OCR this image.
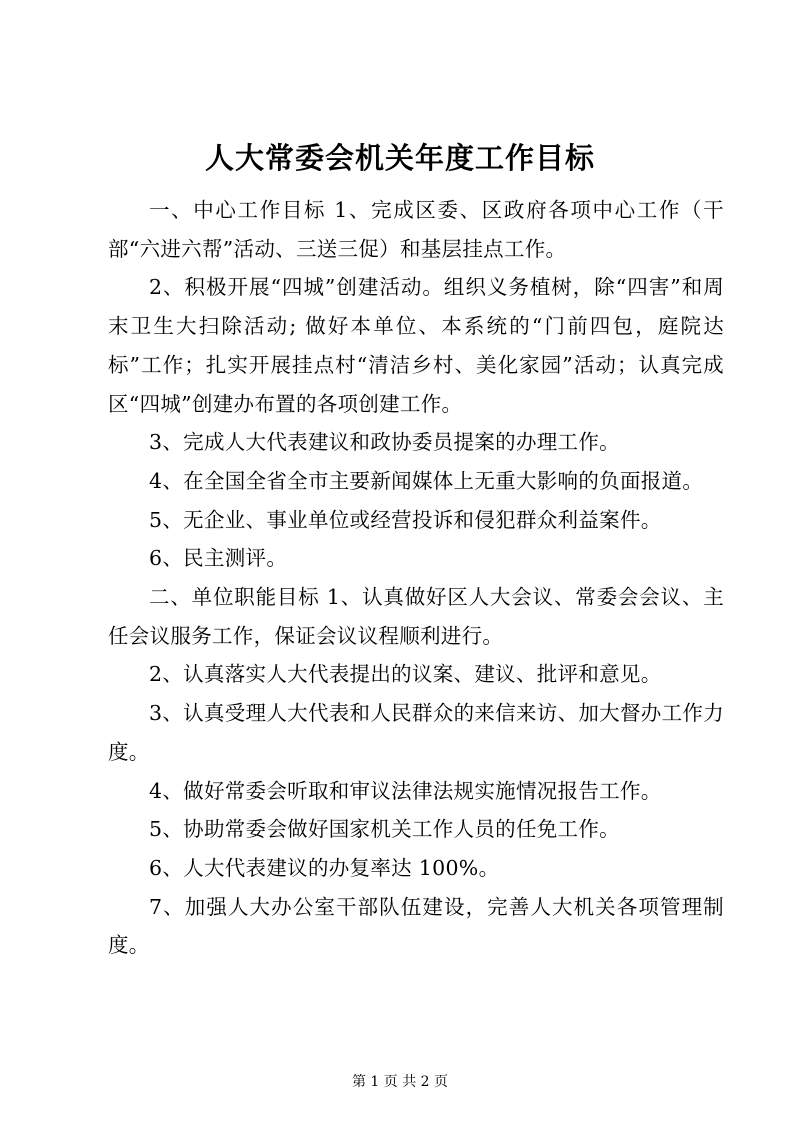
人大常委会机关年度工作目标

一、中心工作目标 1、完成区委、区政府各项中心工作（干部“六进六帮”活动、三送三促）和基层挂点工作。

2、积极开展“四城”创建活动。组织义务植树，除“四害”和周末卫生大扫除活动; 做好本单位、本系统的“门前四包，庭院达标”工作；扎实开展挂点村“清洁乡村、美化家园”活动；认真完成区“四城”创建办布置的各项创建工作。

3、完成人大代表建议和政协委员提案的办理工作。

4、在全国全省全市主要新闻媒体上无重大影响的负面报道。

5、无企业、事业单位或经营投诉和侵犯群众利益案件。

6、民主测评。

二、单位职能目标 1、认真做好区人大会议、常委会会议、主任会议服务工作，保证会议议程顺利进行。

2、认真落实人大代表提出的议案、建议、批评和意见。

3、认真受理人大代表和人民群众的来信来访、加大督办工作力度。

4、做好常委会听取和审议法律法规实施情况报告工作。

5、协助常委会做好国家机关工作人员的任免工作。

6、人大代表建议的办复率达 100%。

7、加强人大办公室干部队伍建设，完善人大机关各项管理制度。

第 1 页 共 2 页
